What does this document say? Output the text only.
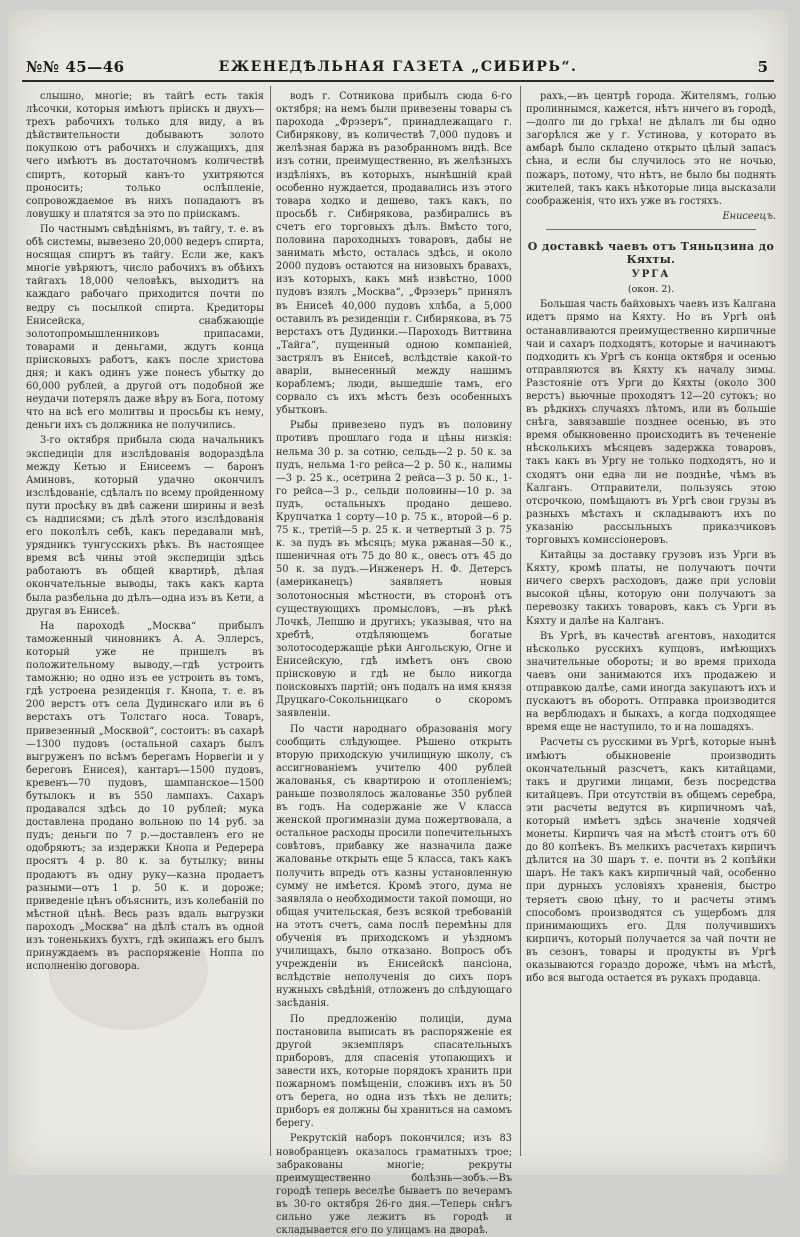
№№ 45—46	ЕЖЕНЕДѢЛЬНАЯ ГАЗЕТА „СИБИРЬ“.	5

слышно, многiе; въ тайгѣ есть такiя лѣсочки, которыя имѣютъ прiискъ и двухъ—трехъ рабочихъ только для виду, а въ дѣйствительности добываютъ золото покупкою отъ рабочихъ и служащихъ, для чего имѣютъ въ достаточномъ количествѣ спиртъ, который канъ-то ухитряются проносить; только ослѣпленiе, сопровождаемое въ нихъ попадаютъ въ ловушку и платятся за это по прiискамъ.

По частнымъ свѣдѣнiямъ, въ тайгу, т. е. въ обѣ системы, вывезено 20,000 ведеръ спирта, носящая спиртъ въ тайгу. Если же, какъ многiе увѣряютъ, число рабочихъ въ обѣихъ тайгахъ 18,000 человѣкъ, выходитъ на каждаго рабочаго приходится почти по ведру съ посылкой спирта. Кредиторы Енисейска, снабжающiе золотопромышленниковъ припасами, товарами и деньгами, ждутъ конца прiисковыхъ работъ, какъ после христова дня; и какъ одинъ уже понесъ убытку до 60,000 рублей, а другой отъ подобной же неудачи потерялъ даже вѣру въ Бога, потому что на всѣ его молитвы и просьбы къ нему, деньги ихъ съ должника не получились.

3-го октября прибыла сюда начальникъ экспедицiи для изслѣдованiя водораздѣла между Кетью и Енисеемъ — баронъ Аминовъ, который удачно окончилъ изслѣдованiе, сдѣлалъ по всему пройденному пути просѣку въ двѣ сажени ширины и везѣ съ надписями; съ дѣлѣ этого изслѣдованiя его поколѣлъ себѣ, какъ передавали мнѣ, урядникъ тунгусскихъ рѣкъ. Въ настоящее время всѣ чины этой экспедицiи здѣсь работаютъ въ общей квартирѣ, дѣлая окончательные выводы, такъ какъ карта была разбельна до дѣлъ—одна изъ въ Кети, а другая въ Енисеѣ.

На пароходѣ „Москва“ прибылъ таможенный чиновникъ А. А. Эллерсъ, который уже не пришелъ въ положительному выводу,—гдѣ устроить таможню; но одно изъ ее устроить въ томъ, гдѣ устроена резиденцiя г. Кнопа, т. е. въ 200 верстъ отъ села Дудинскаго или въ 6 верстахъ отъ Толстаго носа. Товаръ, привезенный „Москвой“, состоитъ: въ сахарѣ—1300 пудовъ (остальной сахаръ былъ выгруженъ по всѣмъ берегамъ Норвегiи и у береговъ Енисея), кантаръ—1500 пудовъ, кревенъ—70 пудовъ, шампанское—1500 бутылокъ и въ 550 лампахъ. Сахаръ продавался здѣсь до 10 рублей; мука доставлена продано вольною по 14 руб. за пудъ; деньги по 7 р.—доставленъ его не одобряютъ; за издержки Кнопа и Редерера просятъ 4 р. 80 к. за бутылку; вины продаютъ въ одну руку—казна продаетъ разными—отъ 1 р. 50 к. и дороже; приведенiе цѣнъ объяснить, изъ колебанiй по мѣстной цѣнѣ. Весь разъ вдаль выгрузки пароходъ „Москва“ на дѣлѣ сталъ въ одной изъ тоненькихъ бухтъ, гдѣ экипажъ его былъ принуждаемъ въ распоряженiе Ноппа по исполненiю договора.

водъ г. Сотникова прибылъ сюда 6-го октября; на немъ были привезены товары съ парохода „Фрэзеръ“, принадлежащаго г. Сибирякову, въ количествѣ 7,000 пудовъ и желѣзная баржа въ разобранномъ видѣ. Все изъ сотни, преимущественно, въ желѣзныхъ издѣлiяхъ, въ которыхъ, нынѣшнiй край особенно нуждается, продавались изъ этого товара ходко и дешево, такъ какъ, по просьбѣ г. Сибирякова, разбирались въ счетъ его торговыхъ дѣлъ. Вмѣсто того, половина пароходныхъ товаровъ, дабы не занимать мѣсто, осталась здѣсь, и около 2000 пудовъ остаются на низовыхъ бравахъ, изъ которыхъ, какъ мнѣ извѣстно, 1000 пудовъ взялъ „Москва“, „Фрэзеръ“ принялъ въ Енисеѣ 40,000 пудовъ хлѣба, а 5,000 оставилъ въ резиденцiи г. Сибирякова, въ 75 верстахъ отъ Дудинки.—Пароходъ Виттвина „Тайга“, пущенный одною компанiей, застрялъ въ Енисеѣ, вслѣдствiе какой-то аварiи, вынесенный между нашимъ кораблемъ; люди, вышедшiе тамъ, его сорвало съ ихъ мѣстъ безъ особенныхъ убытковъ.

Рыбы привезено пудъ въ половину противъ прошлаго года и цѣны низкiя: нельма 30 р. за сотню, сельдь—2 р. 50 к. за пудъ, нельма 1-го рейса—2 р. 50 к., налимы—3 р. 25 к., осетрина 2 рейса—3 р. 50 к., 1-го рейса—3 р., сельди половины—10 р. за пудъ, остальныхъ продано дешево. Крупчатка 1 сорту—10 р. 75 к., второй—6 р. 75 к., третiй—5 р. 25 к. и четвертый 3 р. 75 к. за пудъ въ мѣсяцъ; мука ржаная—50 к., пшеничная отъ 75 до 80 к., овесъ отъ 45 до 50 к. за пудъ.—Инженеръ Н. Ф. Детерсъ (американецъ) заявляетъ новыя золотоносныя мѣстности, въ сторонѣ отъ существующихъ промысловъ, —въ рѣкѣ Лочкѣ, Лепшю и другихъ; указывая, что на хребтѣ, отдѣляющемъ богатые золотосодержащiе рѣки Ангольскую, Огне и Енисейскую, гдѣ имѣетъ онъ свою прiисковую и гдѣ не было никогда поисковыхъ партiй; онъ подалъ на имя князя Друцкаго-Сокольницкаго о скоромъ заявленiи.

По части народнаго образованiя могу сообщить слѣдующее. Рѣшено открыть вторую приходскую училищную школу, съ ассигнованiемъ учителю 400 рублей жалованья, съ квартирою и отопленiемъ; раньше позволялось жалованье 350 рублей въ годъ. На содержанiе же V класса женской прогимназiи дума пожертвовала, а остальное расходы просили попечительныхъ совѣтовъ, прибавку же назначила даже жалованье открыть еще 5 класса, такъ какъ получить впредь отъ казны установленную сумму не имѣется. Кромѣ этого, дума не заявляла о необходимости такой помощи, но общая учительская, безъ всякой требованiй на этотъ счетъ, сама послѣ перемѣны для обученiя въ приходскомъ и уѣздномъ училищахъ, было отказано. Вопросъ объ учрежденiи въ Енисейскѣ пансiона, вслѣдствiе неполученiя до сихъ поръ нужныхъ свѣдѣнiй, отложенъ до слѣдующаго засѣданiя.

По предложенiю полицiи, дума постановила выписать въ распоряженiе ея другой экземпляръ спасательныхъ приборовъ, для спасенiя утопающихъ и завести ихъ, которые порядокъ хранить при пожарномъ помѣщенiи, сложивъ ихъ въ 50 отъ берега, но одна изъ тѣхъ не делить; приборъ ея должны бы храниться на самомъ берегу.

Рекрутскiй наборъ покончился; изъ 83 новобранцевъ оказалось граматныхъ трое; забракованы многiе; рекруты преимущественно болѣзнь—зобъ.—Въ городѣ теперь веселѣе бываетъ по вечерамъ въ 30-го октября 26-го дня.—Теперь снѣгъ сильно уже лежитъ въ городѣ и складывается его по улицамъ на двораѣ.

рахъ,—въ центрѣ города. Жителямъ, голью пролиннымся, кажется, нѣтъ ничего въ городѣ,—долго ли до грѣха! не дѣлалъ ли бы одно загорѣлся же у г. Устинова, у которато въ амбарѣ было складено открыто цѣлый запасъ сѣна, и если бы случилось это не ночью, пожаръ, потому, что нѣтъ, не было бы поднять жителей, такъ какъ нѣкоторые лица высказали соображенiя, что ихъ уже въ гостяхъ.

Енисеецъ.

О доставкѣ чаевъ отъ Тяньцзина до Кяхты.

УРГА

(окон. 2).

Большая часть байховыхъ чаевъ изъ Калгана идетъ прямо на Кяхту. Но въ Ургѣ онѣ останавливаются преимущественно кирпичные чаи и сахаръ подходятъ, которые и начинаютъ подходить къ Ургѣ съ конца октября и осенью отправляются въ Кяхту къ началу зимы. Разстоянiе отъ Урги до Кяхты (около 300 верстъ) вьючные проходятъ 12—20 сутокъ; но въ рѣдкихъ случаяхъ лѣтомъ, или въ большiе снѣга, завязавшiе позднее осенью, въ это время обыкновенно происходитъ въ течененiе нѣсколькихъ мѣсяцевъ задержка товаровъ, такъ какъ въ Ургу не только подходятъ, но и сходятъ они едва ли не позднѣе, чѣмъ въ Калганъ. Отправители, пользуясь этою отсрочкою, помѣщаютъ въ Ургѣ свои грузы въ разныхъ мѣстахъ и складываютъ ихъ по указанiю рассыльныхъ приказчиковъ торговыхъ комиссiонеровъ.

Китайцы за доставку грузовъ изъ Урги въ Кяхту, кромѣ платы, не получаютъ почти ничего сверхъ расходовъ, даже при условiи высокой цѣны, которую они получаютъ за перевозку такихъ товаровъ, какъ съ Урги въ Кяхту и далѣе на Калганъ.

Въ Ургѣ, въ качествѣ агентовъ, находится нѣсколько русскихъ купцовъ, имѣющихъ значительные обороты; и во время прихода чаевъ они занимаются ихъ продажею и отправкою далѣе, сами иногда закупаютъ ихъ и пускаютъ въ оборотъ. Отправка производится на верблюдахъ и быкахъ, а когда подходящее время еще не наступило, то и на лошадяхъ.

Расчеты съ русскими въ Ургѣ, которые нынѣ имѣютъ обыкновенiе производить окончательный разсчетъ, какъ китайцами, такъ и другими лицами, безъ посредства китайцевъ. При отсутствiи въ общемъ серебра, эти расчеты ведутся въ кирпичномъ чаѣ, который имѣетъ здѣсь значенiе ходячей монеты. Кирпичъ чая на мѣстѣ стоитъ отъ 60 до 80 копѣекъ. Въ мелкихъ расчетахъ кирпичъ дѣлится на 30 шаръ т. е. почти въ 2 копѣйки шаръ. Не такъ какъ кирпичный чай, особенно при дурныхъ условiяхъ храненiя, быстро теряетъ свою цѣну, то и расчеты этимъ способомъ производятся съ ущербомъ для принимающихъ его. Для получившихъ кирпичъ, который получается за чай почти не въ сезонъ, товары и продукты въ Ургѣ оказываются гораздо дороже, чѣмъ на мѣстѣ, ибо вся выгода остается въ рукахъ продавца.
